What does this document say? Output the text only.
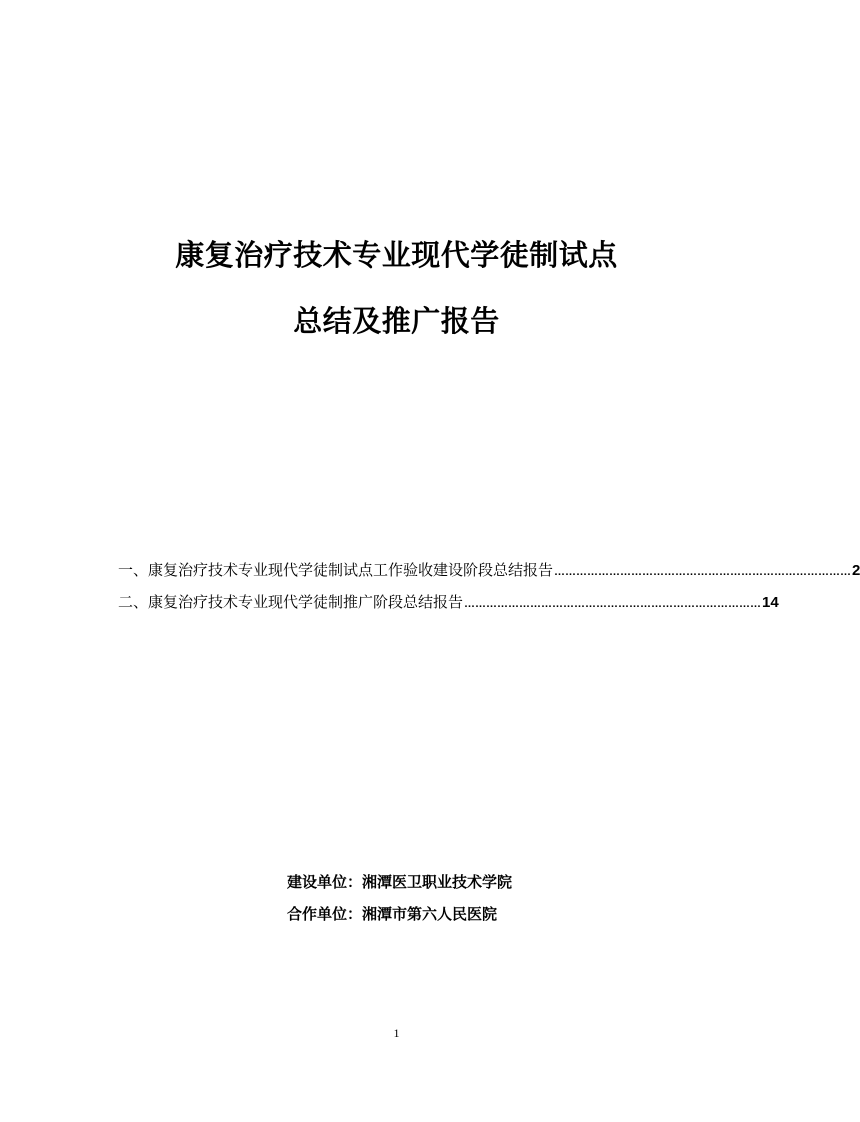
康复治疗技术专业现代学徒制试点
总结及推广报告
一、康复治疗技术专业现代学徒制试点工作验收建设阶段总结报告 ……………………………………………………………………… 2
二、康复治疗技术专业现代学徒制推广阶段总结报告 ……………………………………………………………………… 14
建设单位：湘潭医卫职业技术学院
合作单位：湘潭市第六人民医院
1
